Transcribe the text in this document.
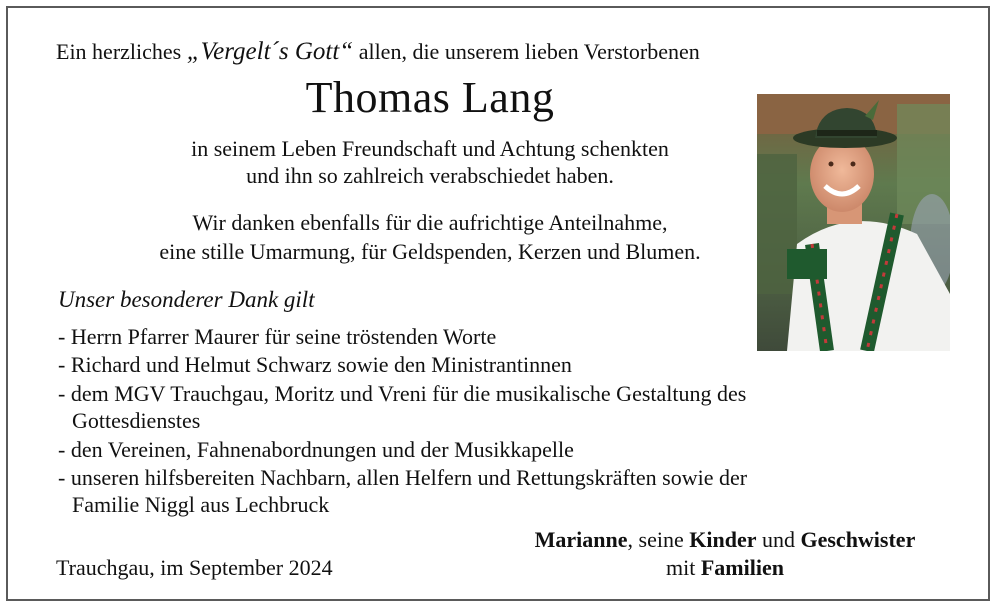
Ein herzliches „Vergelt´s Gott“ allen, die unserem lieben Verstorbenen
Thomas Lang
in seinem Leben Freundschaft und Achtung schenkten
und ihn so zahlreich verabschiedet haben.
Wir danken ebenfalls für die aufrichtige Anteilnahme,
eine stille Umarmung, für Geldspenden, Kerzen und Blumen.
Unser besonderer Dank gilt
- Herrn Pfarrer Maurer für seine tröstenden Worte
- Richard und Helmut Schwarz sowie den Ministrantinnen
- dem MGV Trauchgau, Moritz und Vreni für die musikalische Gestaltung des
Gottesdienstes
- den Vereinen, Fahnenabordnungen und der Musikkapelle
- unseren hilfsbereiten Nachbarn, allen Helfern und Rettungskräften sowie der
Familie Niggl aus Lechbruck
Trauchgau, im September 2024
Marianne, seine Kinder und Geschwister
mit Familien
